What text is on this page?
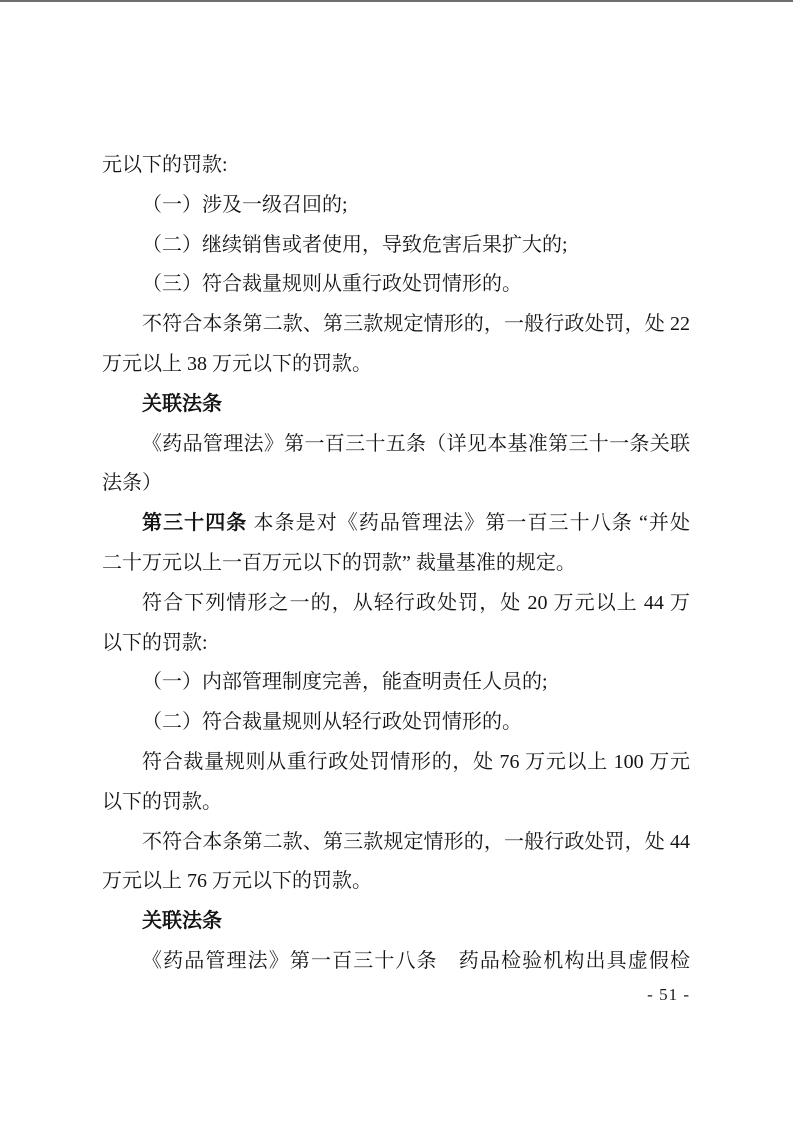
元以下的罚款:
（一）涉及一级召回的;
（二）继续销售或者使用，导致危害后果扩大的;
（三）符合裁量规则从重行政处罚情形的。
不符合本条第二款、第三款规定情形的，一般行政处罚，处 22
万元以上 38 万元以下的罚款。
关联法条
《药品管理法》第一百三十五条（详见本基准第三十一条关联
法条）
第三十四条 本条是对《药品管理法》第一百三十八条 “并处
二十万元以上一百万元以下的罚款” 裁量基准的规定。
符合下列情形之一的，从轻行政处罚，处 20 万元以上 44 万
以下的罚款:
（一）内部管理制度完善，能查明责任人员的;
（二）符合裁量规则从轻行政处罚情形的。
符合裁量规则从重行政处罚情形的，处 76 万元以上 100 万元
以下的罚款。
不符合本条第二款、第三款规定情形的，一般行政处罚，处 44
万元以上 76 万元以下的罚款。
关联法条
《药品管理法》第一百三十八条　药品检验机构出具虚假检
- 51 -
